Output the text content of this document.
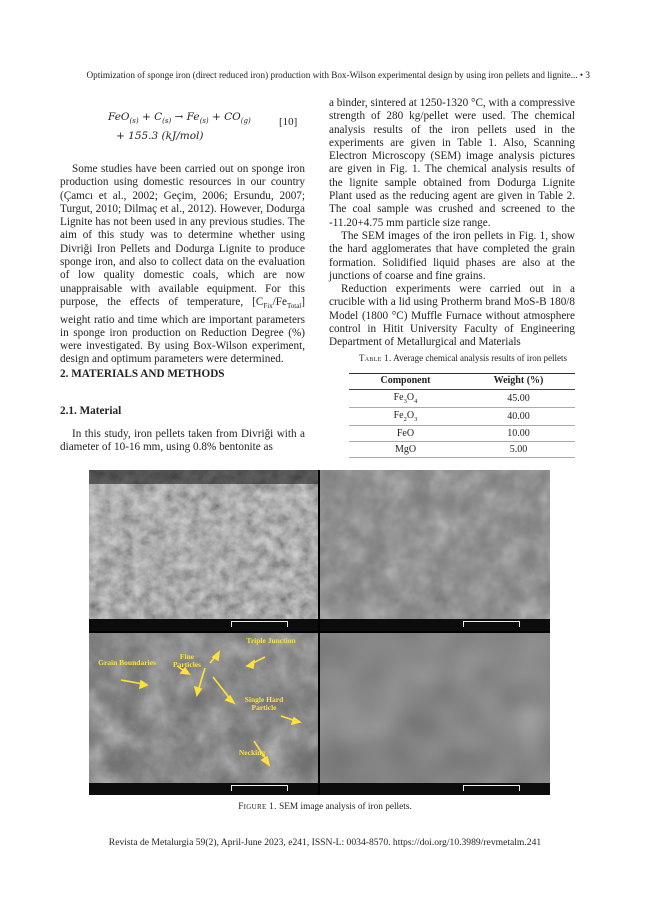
Optimization of sponge iron (direct reduced iron) production with Box-Wilson experimental design by using iron pellets and lignite... • 3
$FeO_{(s)} + C_{(s)} \to Fe_{(s)} + CO_{(g)}$
+ 155.3 (kJ/mol)
[10]

Some studies have been carried out on sponge iron production using domestic resources in our country (Çamcı et al., 2002; Geçim, 2006; Ersundu, 2007; Turgut, 2010; Dilmaç et al., 2012). However, Dodurga Lignite has not been used in any previous studies. The aim of this study was to determine whether using Divriği Iron Pellets and Dodurga Lignite to produce sponge iron, and also to collect data on the evaluation of low quality domestic coals, which are now unappraisable with available equipment. For this purpose, the effects of temperature, $[C_{Fix}/Fe_{Total}]$ weight ratio and time which are important parameters in sponge iron production on Reduction Degree (%) were investigated. By using Box-Wilson experiment, design and optimum parameters were determined.

2. MATERIALS AND METHODS
2.1. Material

In this study, iron pellets taken from Divriği with a diameter of 10-16 mm, using 0.8% bentonite as

a binder, sintered at 1250-1320 °C, with a compressive strength of 280 kg/pellet were used. The chemical analysis results of the iron pellets used in the experiments are given in Table 1. Also, Scanning Electron Microscopy (SEM) image analysis pictures are given in Fig. 1. The chemical analysis results of the lignite sample obtained from Dodurga Lignite Plant used as the reducing agent are given in Table 2. The coal sample was crushed and screened to the -11.20+4.75 mm particle size range.

The SEM images of the iron pellets in Fig. 1, show the hard agglomerates that have completed the grain formation. Solidified liquid phases are also at the junctions of coarse and fine grains.

Reduction experiments were carried out in a crucible with a lid using Protherm brand MoS-B 180/8 Model (1800 °C) Muffle Furnace without atmosphere control in Hitit University Faculty of Engineering Department of Metallurgical and Materials

Table 1. Average chemical analysis results of iron pellets
Component	Weight (%)
$Fe_3O_4$	45.00
$Fe_2O_3$	40.00
FeO	10.00
MgO	5.00
Triple Junction
Fine Particles
Grain Boundaries
Single Hard Particle
Necking
Figure 1. SEM image analysis of iron pellets.
Revista de Metalurgia 59(2), April-June 2023, e241, ISSN-L: 0034-8570. https://doi.org/10.3989/revmetalm.241
